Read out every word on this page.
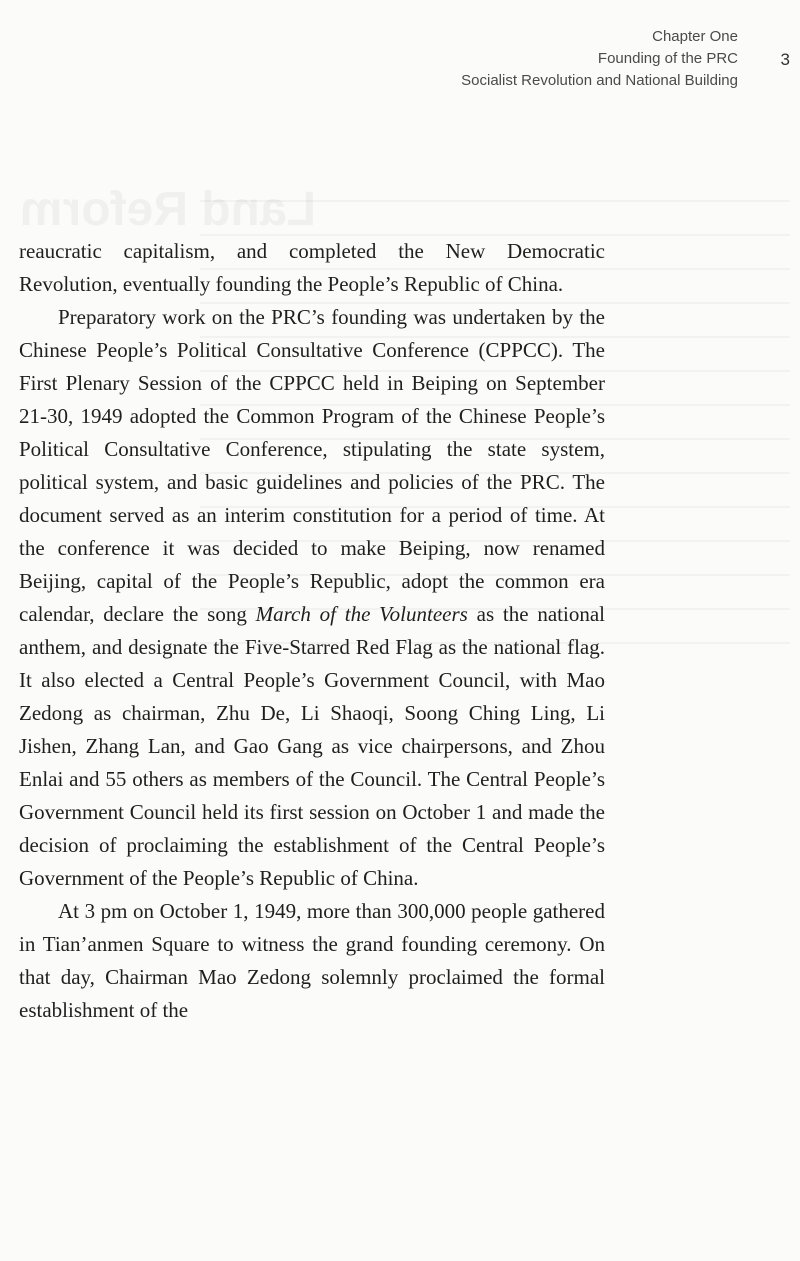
Chapter One
Founding of the PRC
Socialist Revolution and National Building
3

reaucratic capitalism, and completed the New Democratic Revolution, eventually founding the People’s Republic of China.

Preparatory work on the PRC’s founding was undertaken by the Chinese People’s Political Consultative Conference (CPPCC). The First Plenary Session of the CPPCC held in Beiping on September 21-30, 1949 adopted the Common Program of the Chinese People’s Political Consultative Conference, stipulating the state system, political system, and basic guidelines and policies of the PRC. The document served as an interim constitution for a period of time. At the conference it was decided to make Beiping, now renamed Beijing, capital of the People’s Republic, adopt the common era calendar, declare the song March of the Volunteers as the national anthem, and designate the Five-Starred Red Flag as the national flag. It also elected a Central People’s Government Council, with Mao Zedong as chairman, Zhu De, Li Shaoqi, Soong Ching Ling, Li Jishen, Zhang Lan, and Gao Gang as vice chairpersons, and Zhou Enlai and 55 others as members of the Council. The Central People’s Government Council held its first session on October 1 and made the decision of proclaiming the establishment of the Central People’s Government of the People’s Republic of China.

At 3 pm on October 1, 1949, more than 300,000 people gathered in Tian’anmen Square to witness the grand founding ceremony. On that day, Chairman Mao Zedong solemnly proclaimed the formal establishment of the
